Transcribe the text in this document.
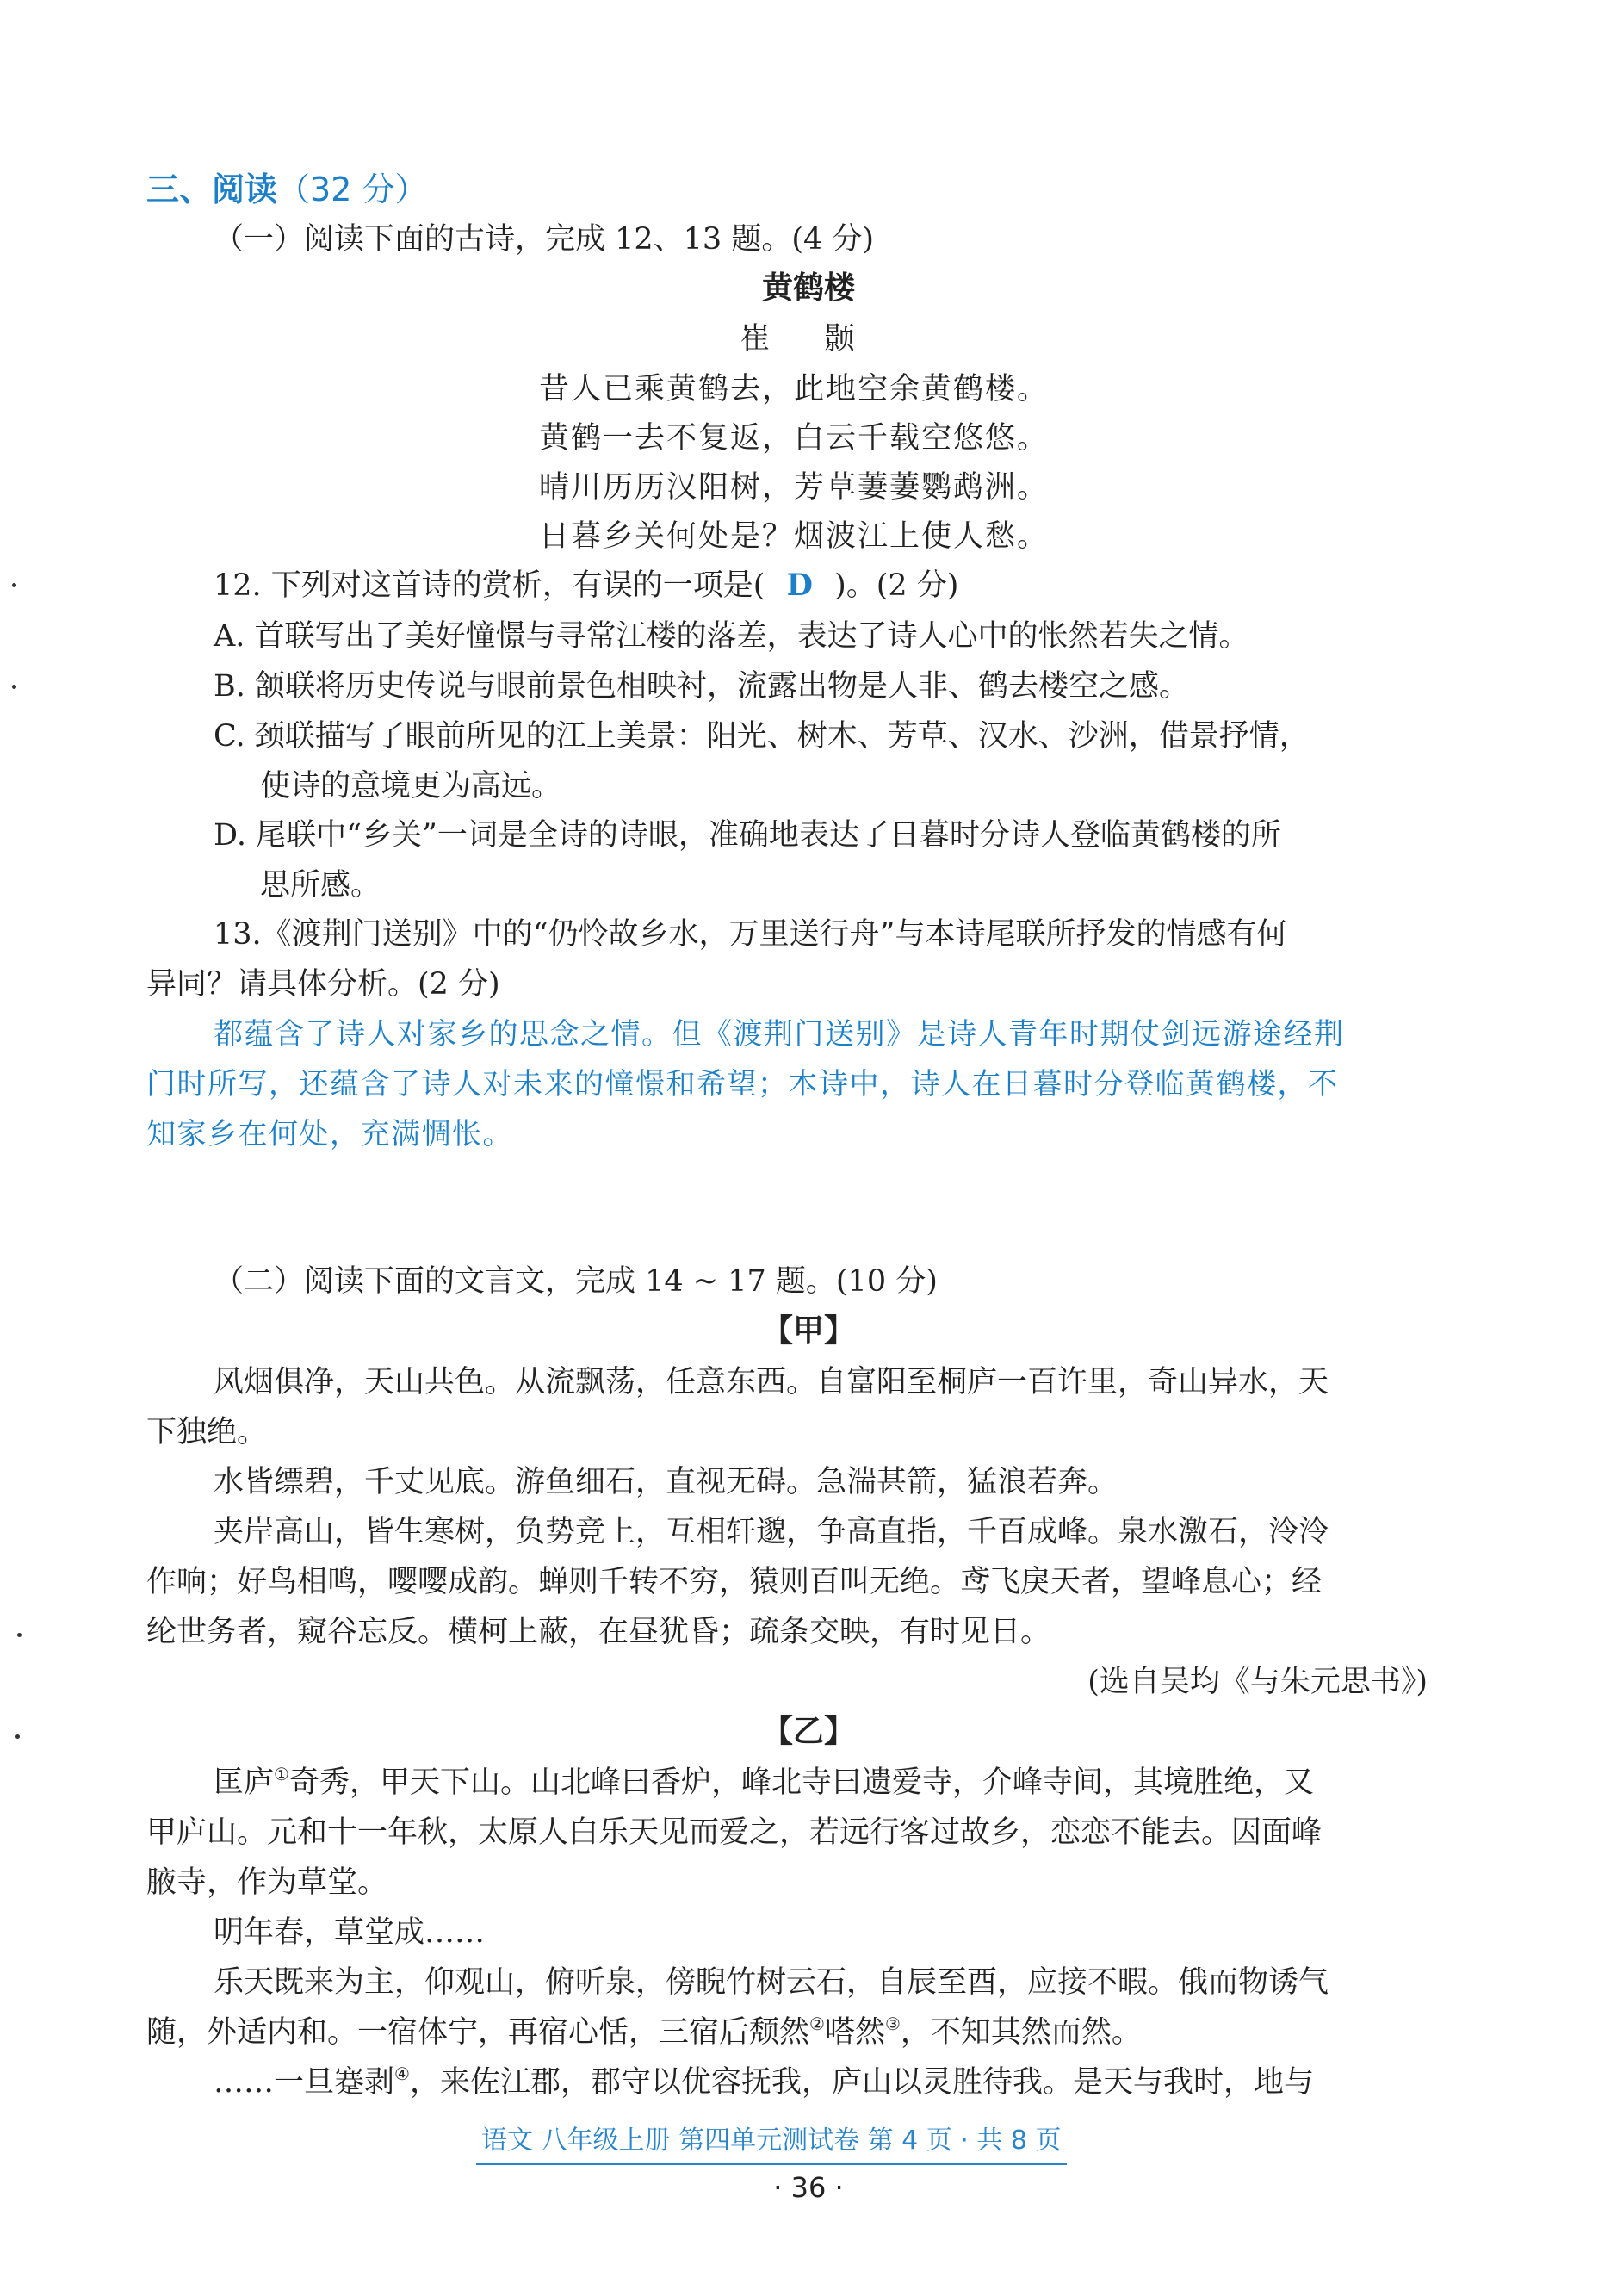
三、阅读（32 分）
（一）阅读下面的古诗，完成 12、13 题。(4 分)
黄鹤楼
崔 颢
昔人已乘黄鹤去，此地空余黄鹤楼。
黄鹤一去不复返，白云千载空悠悠。
晴川历历汉阳树，芳草萋萋鹦鹉洲。
日暮乡关何处是？烟波江上使人愁。
12. 下列对这首诗的赏析，有误的一项是( D )。(2 分)
A. 首联写出了美好憧憬与寻常江楼的落差，表达了诗人心中的怅然若失之情。
B. 颔联将历史传说与眼前景色相映衬，流露出物是人非、鹤去楼空之感。
C. 颈联描写了眼前所见的江上美景：阳光、树木、芳草、汉水、沙洲，借景抒情，
使诗的意境更为高远。
D. 尾联中“乡关”一词是全诗的诗眼，准确地表达了日暮时分诗人登临黄鹤楼的所
思所感。
13.《渡荆门送别》中的“仍怜故乡水，万里送行舟”与本诗尾联所抒发的情感有何
异同？请具体分析。(2 分)
都蕴含了诗人对家乡的思念之情。但《渡荆门送别》是诗人青年时期仗剑远游途经荆
门时所写，还蕴含了诗人对未来的憧憬和希望；本诗中，诗人在日暮时分登临黄鹤楼，不
知家乡在何处，充满惆怅。
（二）阅读下面的文言文，完成 14 ~ 17 题。(10 分)
【甲】
风烟俱净，天山共色。从流飘荡，任意东西。自富阳至桐庐一百许里，奇山异水，天
下独绝。
水皆缥碧，千丈见底。游鱼细石，直视无碍。急湍甚箭，猛浪若奔。
夹岸高山，皆生寒树，负势竞上，互相轩邈，争高直指，千百成峰。泉水激石，泠泠
作响；好鸟相鸣，嘤嘤成韵。蝉则千转不穷，猿则百叫无绝。鸢飞戾天者，望峰息心；经
纶世务者，窥谷忘反。横柯上蔽，在昼犹昏；疏条交映，有时见日。
(选自吴均《与朱元思书》)
【乙】
匡庐①奇秀，甲天下山。山北峰曰香炉，峰北寺曰遗爱寺，介峰寺间，其境胜绝，又
甲庐山。元和十一年秋，太原人白乐天见而爱之，若远行客过故乡，恋恋不能去。因面峰
腋寺，作为草堂。
明年春，草堂成……
乐天既来为主，仰观山，俯听泉，傍睨竹树云石，自辰至酉，应接不暇。俄而物诱气
随，外适内和。一宿体宁，再宿心恬，三宿后颓然②嗒然③，不知其然而然。
……一旦蹇剥④，来佐江郡，郡守以优容抚我，庐山以灵胜待我。是天与我时，地与
语文 八年级上册 第四单元测试卷 第 4 页 · 共 8 页
· 36 ·
